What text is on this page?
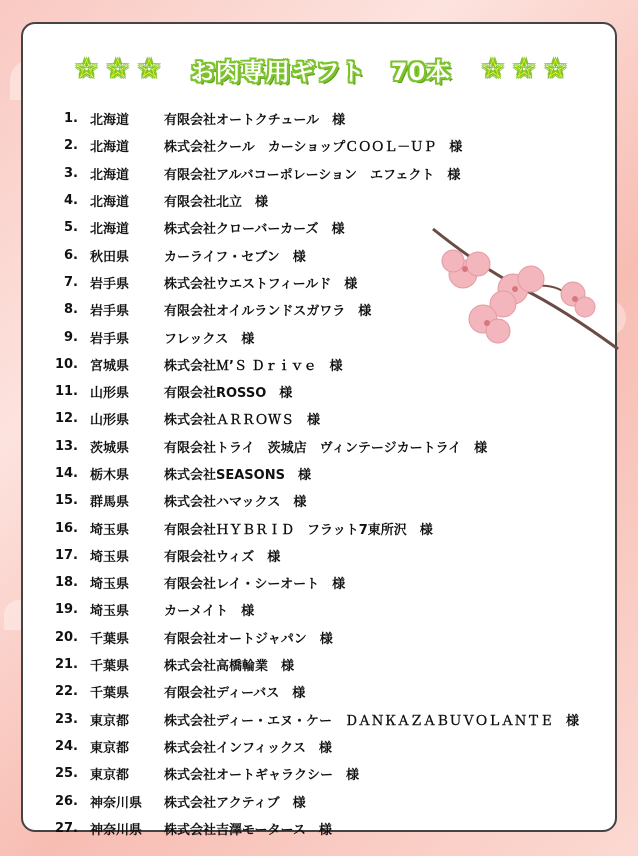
☆ ☆ ☆ お肉専用ギフト　70本 ☆ ☆ ☆
1. 北海道	有限会社オートクチュール　様
2. 北海道	株式会社クール　カーショップＣＯＯＬ－ＵＰ　様
3. 北海道	有限会社アルバコーポレーション　エフェクト　様
4. 北海道	有限会社北立　様
5. 北海道	株式会社クローバーカーズ　様
6. 秋田県	カーライフ・セブン　様
7. 岩手県	株式会社ウエストフィールド　様
8. 岩手県	有限会社オイルランドスガワラ　様
9. 岩手県	フレックス　様
10. 宮城県	株式会社Ｍ’Ｓ Ｄｒｉｖｅ　様
11. 山形県	有限会社ROSSO　様
12. 山形県	株式会社ＡＲＲＯＷＳ　様
13. 茨城県	有限会社トライ　茨城店　ヴィンテージカートライ　様
14. 栃木県	株式会社SEASONS　様
15. 群馬県	株式会社ハマックス　様
16. 埼玉県	有限会社ＨＹＢＲＩＤ　フラット7東所沢　様
17. 埼玉県	有限会社ウィズ　様
18. 埼玉県	有限会社レイ・シーオート　様
19. 埼玉県	カーメイト　様
20. 千葉県	有限会社オートジャパン　様
21. 千葉県	株式会社高橋輪業　様
22. 千葉県	有限会社ディーバス　様
23. 東京都	株式会社ディー・エヌ・ケー　ＤＡＮＫＡＺＡＢＵＶＯＬＡＮＴＥ　様
24. 東京都	株式会社インフィックス　様
25. 東京都	株式会社オートギャラクシー　様
26. 神奈川県	株式会社アクティブ　様
27. 神奈川県	株式会社吉澤モータース　様
